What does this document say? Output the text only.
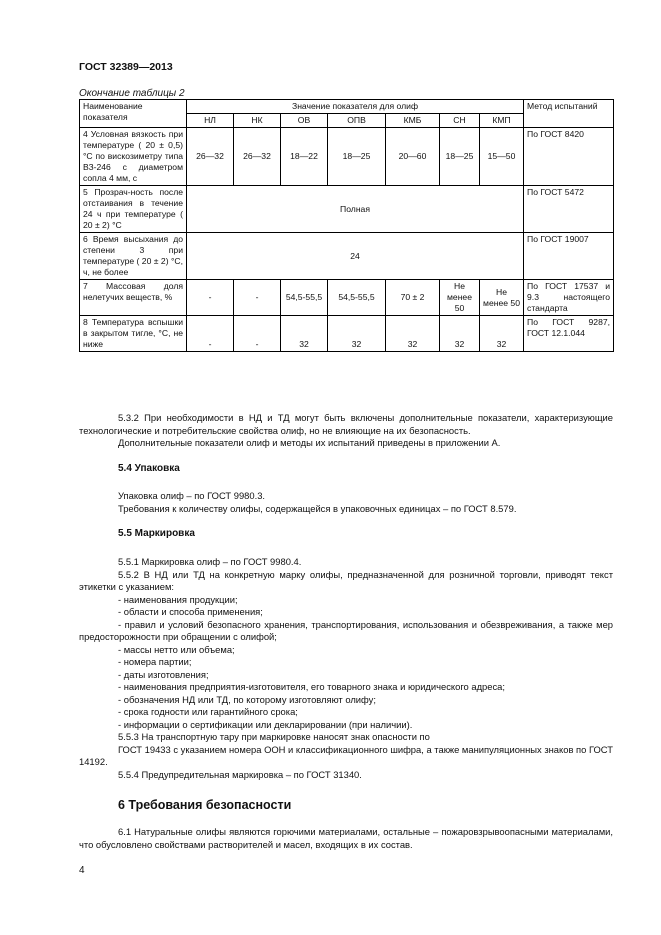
ГОСТ 32389—2013
Окончание таблицы 2
Наименование показателя	Значение показателя для олиф							Метод испытаний
	НЛ	НК	ОВ	ОПВ	КМБ	СН	КМП	
4 Условная вязкость при температуре ( 20 ± 0,5) °С по вискозиметру типа ВЗ-246 с диаметром сопла 4 мм, с	26—32	26—32	18—22	18—25	20—60	18—25	15—50	По ГОСТ 8420
5 Прозрач-ность после отстаивания в течение 24 ч при температуре ( 20 ± 2) °С	Полная							По ГОСТ 5472
6 Время высыхания до степени 3 при температуре ( 20 ± 2) °С, ч, не более	24							По ГОСТ 19007
7 Массовая доля нелетучих веществ, %	-	-	54,5-55,5	54,5-55,5	70 ± 2	Не менее 50	Не менее 50	По ГОСТ 17537 и 9.3 настоящего стандарта
8 Температура вспышки в закрытом тигле, °С, не ниже	-	-	32	32	32	32	32	По ГОСТ 9287, ГОСТ 12.1.044

5.3.2 При необходимости в НД и ТД могут быть включены дополнительные показатели, характеризующие технологические и потребительские свойства олиф, но не влияющие на их безопасность.

Дополнительные показатели олиф и методы их испытаний приведены в приложении А.

5.4 Упаковка

Упаковка олиф – по ГОСТ 9980.3.

Требования к количеству олифы, содержащейся в упаковочных единицах – по ГОСТ 8.579.

5.5 Маркировка

5.5.1 Маркировка олиф – по ГОСТ 9980.4.

5.5.2 В НД или ТД на конкретную марку олифы, предназначенной для розничной торговли, приводят текст этикетки с указанием:

- наименования продукции;

- области и способа применения;

- правил и условий безопасного хранения, транспортирования, использования и обезвреживания, а также мер предосторожности при обращении с олифой;

- массы нетто или объема;

- номера партии;

- даты изготовления;

- наименования предприятия-изготовителя, его товарного знака и юридического адреса;

- обозначения НД или ТД, по которому изготовляют олифу;

- срока годности или гарантийного срока;

- информации о сертификации или декларировании (при наличии).

5.5.3 На транспортную тару при маркировке наносят знак опасности по

ГОСТ 19433 с указанием номера ООН и классификационного шифра, а также манипуляционных знаков по ГОСТ 14192.

5.5.4 Предупредительная маркировка – по ГОСТ 31340.

6 Требования безопасности

6.1 Натуральные олифы являются горючими материалами, остальные – пожаровзрывоопасными материалами, что обусловлено свойствами растворителей и масел, входящих в их состав.

4
